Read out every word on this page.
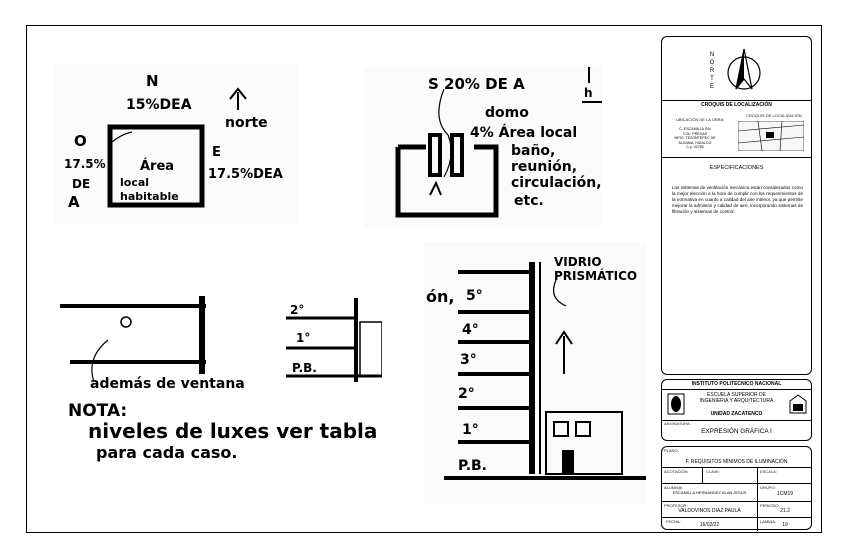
N
15%DEA
O
17.5%
DE
A
E
17.5%DEA
norte
Área
local
habitable
S 20% DE A	h
domo
4% Área local
baño,
reunión,
circulación,
etc.
además de ventana
NOTA:
niveles de luxes ver tabla
para cada caso.
2°
1°
P.B.
VIDRIO
PRISMÁTICO
ón, 5°
4°
3°
2°
1°
P.B.
N
O
R
T
E
CROQUIS DE LOCALIZACIÓN
UBICACIÓN DE LA OBRA:
C. ESCAMILLA S/N
COL. PRESAS
MPIO. TEZONTEPEC DE
ALDAMA, HIDALGO
C.p. 42780
CROQUIS DE LOCALIZACIÓN
ESPECIFICACIONES
Los sistemas de ventilación mecánica están considerados como la mejor elección a la hora de cumplir con los requerimientos de la normativa en cuanto a calidad del aire interior, ya que permite mejorar la admisión y calidad de aire, incorporando sistemas de filtración y sistemas de control.
INSTITUTO POLITECNICO NACIONAL
ESCUELA SUPERIOR DE
INGENIERIA Y ARQUITECTURA
UNIDAD ZACATENCO
ASIGNATURA:
EXPRESIÓN GRÁFICA I
PLANO:
F. REQUISITOS MÍNIMOS DE ILUMINACIÓN
ACOTACIÓN:	CLAVE:	ESCALA:
ALUMN@:
ESCAMILLA HERNANDEZ ALAN JESUS
GRUPO:
1CM19
PROFESOR:
VALDOVINOS DIAZ PAULA
PERIODO:
21.2
FECHA:
16/02/22
LAMINA:
19
